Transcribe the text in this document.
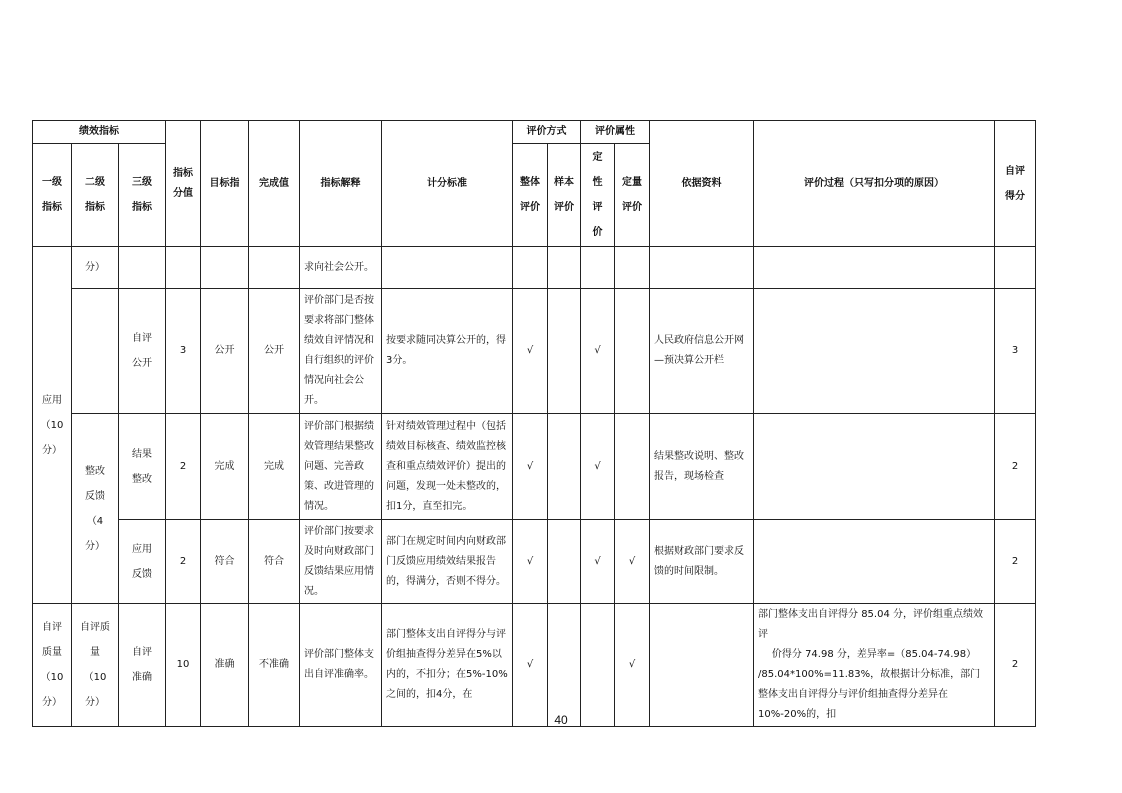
绩效指标			指标分值	目标指	完成值	指标解释	计分标准	评价方式		评价属性		依据资料	评价过程（只写扣分项的原因）	自评得分

一级指标	二级指标	三级指标						整体评价	样本评价	定性评价	定量评价			

应用（10分）	分）					求向社会公开。								

		自评公开	3	公开	公开	评价部门是否按要求将部门整体绩效自评情况和自行组织的评价情况向社会公开。	按要求随同决算公开的，得3分。	√		√		人民政府信息公开网—预决算公开栏		3

	整改反馈（4分）	结果整改	2	完成	完成	评价部门根据绩效管理结果整改问题、完善政策、改进管理的情况。	针对绩效管理过程中（包括绩效目标核查、绩效监控核查和重点绩效评价）提出的问题，发现一处未整改的，扣1分，直至扣完。	√		√		结果整改说明、整改报告，现场检查		2

		应用反馈	2	符合	符合	评价部门按要求及时向财政部门反馈结果应用情况。	部门在规定时间内向财政部门反馈应用绩效结果报告的，得满分，否则不得分。	√		√	√	根据财政部门要求反馈的时间限制。		2

自评质量（10分）	自评质量（10分）	自评准确	10	准确	不准确	评价部门整体支出自评准确率。	部门整体支出自评得分与评价组抽查得分差异在5%以内的，不扣分；在5%-10%之间的，扣4分，在	√			√		部门整体支出自评得分 85.04 分，评价组重点绩效评
价得分 74.98 分，差异率=（85.04-74.98）
/85.04*100%=11.83%，故根据计分标准，部门整体支出自评得分与评价组抽查得分差异在 10%-20%的，扣	2
40
